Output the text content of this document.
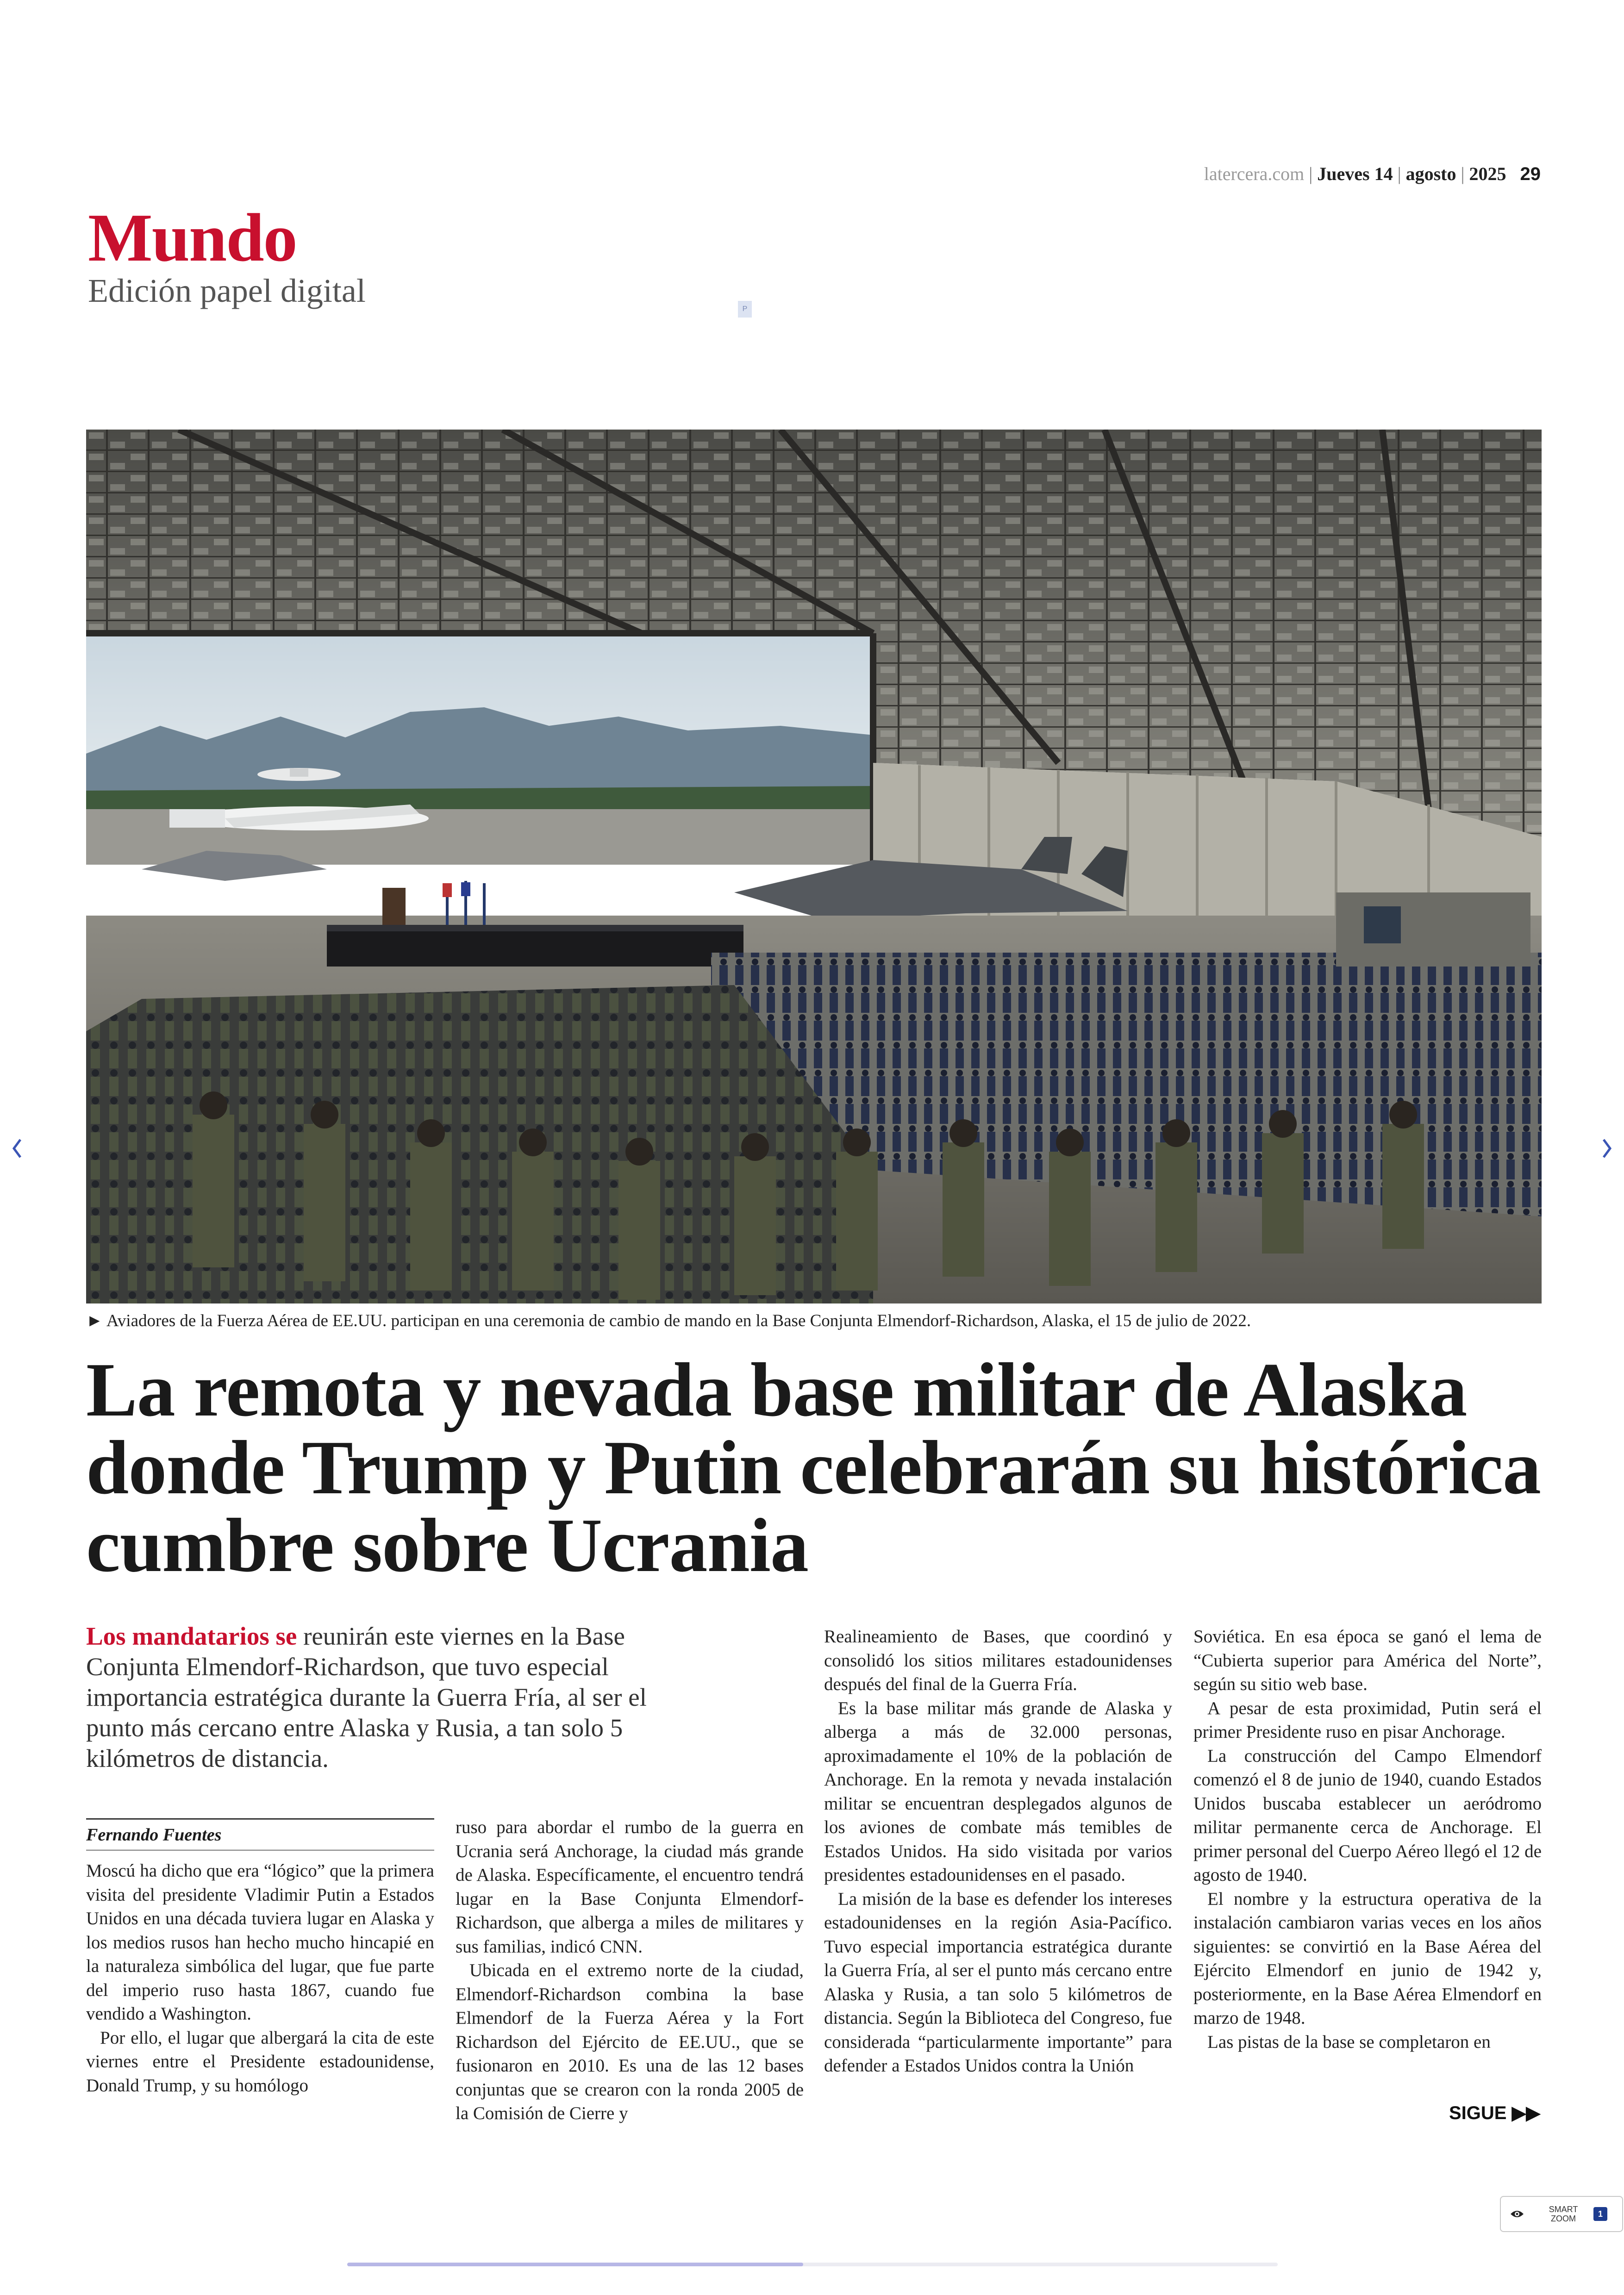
latercera.com | Jueves 14 | agosto | 2025 29
Mundo
Edición papel digital	P
► Aviadores de la Fuerza Aérea de EE.UU. participan en una ceremonia de cambio de mando en la Base Conjunta Elmendorf-Richardson, Alaska, el 15 de julio de 2022.
La remota y nevada base militar de Alaska donde Trump y Putin celebrarán su histórica cumbre sobre Ucrania
Los mandatarios se reunirán este viernes en la Base Conjunta Elmendorf-Richardson, que tuvo especial importancia estratégica durante la Guerra Fría, al ser el punto más cercano entre Alaska y Rusia, a tan solo 5 kilómetros de distancia.
Fernando Fuentes

Moscú ha dicho que era “lógico” que la primera visita del presidente Vladimir Putin a Estados Unidos en una década tuviera lugar en Alaska y los medios rusos han hecho mucho hincapié en la naturaleza simbólica del lugar, que fue parte del imperio ruso hasta 1867, cuando fue vendido a Washington.

Por ello, el lugar que albergará la cita de este viernes entre el Presidente estadounidense, Donald Trump, y su homólogo

ruso para abordar el rumbo de la guerra en Ucrania será Anchorage, la ciudad más grande de Alaska. Específicamente, el encuentro tendrá lugar en la Base Conjunta Elmendorf-Richardson, que alberga a miles de militares y sus familias, indicó CNN.

Ubicada en el extremo norte de la ciudad, Elmendorf-Richardson combina la base Elmendorf de la Fuerza Aérea y la Fort Richardson del Ejército de EE.UU., que se fusionaron en 2010. Es una de las 12 bases conjuntas que se crearon con la ronda 2005 de la Comisión de Cierre y

Realineamiento de Bases, que coordinó y consolidó los sitios militares estadounidenses después del final de la Guerra Fría.

Es la base militar más grande de Alaska y alberga a más de 32.000 personas, aproximadamente el 10% de la población de Anchorage. En la remota y nevada instalación militar se encuentran desplegados algunos de los aviones de combate más temibles de Estados Unidos. Ha sido visitada por varios presidentes estadounidenses en el pasado.

La misión de la base es defender los intereses estadounidenses en la región Asia-Pacífico. Tuvo especial importancia estratégica durante la Guerra Fría, al ser el punto más cercano entre Alaska y Rusia, a tan solo 5 kilómetros de distancia. Según la Biblioteca del Congreso, fue considerada “particularmente importante” para defender a Estados Unidos contra la Unión

Soviética. En esa época se ganó el lema de “Cubierta superior para América del Norte”, según su sitio web base.

A pesar de esta proximidad, Putin será el primer Presidente ruso en pisar Anchorage.

La construcción del Campo Elmendorf comenzó el 8 de junio de 1940, cuando Estados Unidos buscaba establecer un aeródromo militar permanente cerca de Anchorage. El primer personal del Cuerpo Aéreo llegó el 12 de agosto de 1940.

El nombre y la estructura operativa de la instalación cambiaron varias veces en los años siguientes: se convirtió en la Base Aérea del Ejército Elmendorf en junio de 1942 y, posteriormente, en la Base Aérea Elmendorf en marzo de 1948.

Las pistas de la base se completaron en

SIGUE ▶▶
SMART
ZOOM
1
